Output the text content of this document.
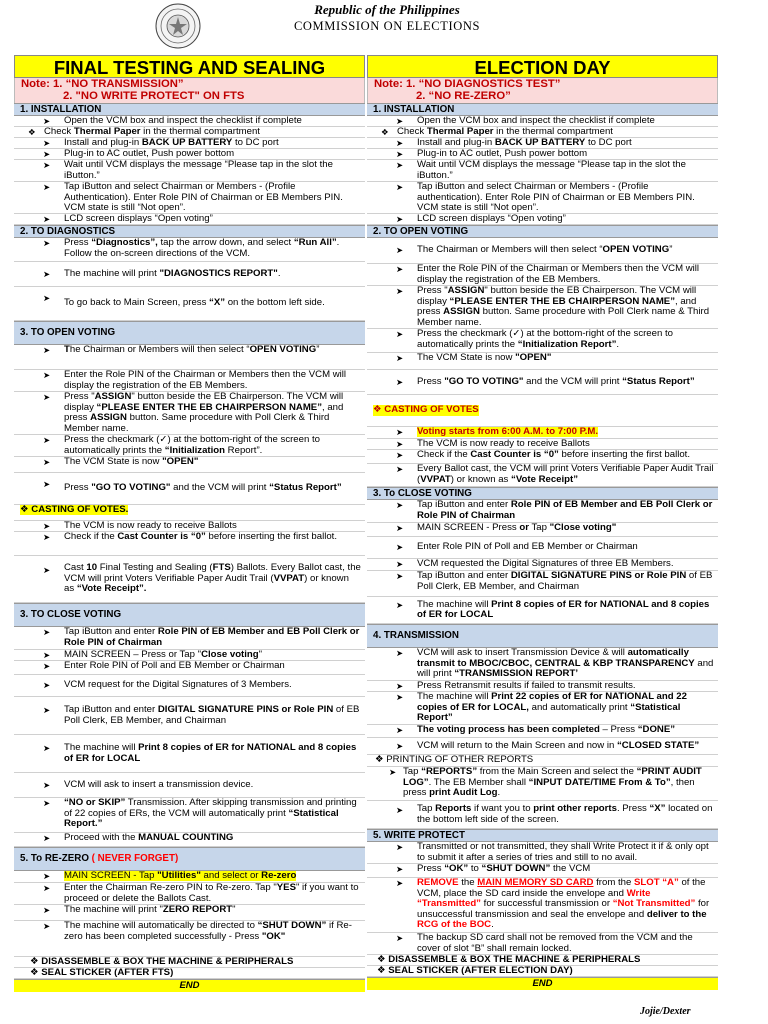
Republic of the Philippines
COMMISSION ON ELECTIONS
FINAL TESTING AND SEALING
Note: 1. “NO TRANSMISSION”
2. "NO WRITE PROTECT" ON FTS
1. INSTALLATION
➤ Open the VCM box and inspect the checklist if complete
❖ Check Thermal Paper in the thermal compartment
➤ Install and plug-in BACK UP BATTERY to DC port
➤ Plug-in to AC outlet, Push power bottom
➤ Wait until VCM displays the message “Please tap in the slot the iButton.”
➤ Tap iButton and select Chairman or Members - (Profile Authentication). Enter Role PIN of Chairman or EB Members PIN. VCM state is still “Not open”.
➤ LCD screen displays “Open voting”
2. TO DIAGNOSTICS
➤ Press “Diagnostics”, tap the arrow down, and select “Run All”. Follow the on-screen directions of the VCM.
➤ The machine will print "DIAGNOSTICS REPORT".
➤ To go back to Main Screen, press “X” on the bottom left side.
3. TO OPEN VOTING
➤ The Chairman or Members will then select “OPEN VOTING”
➤ Enter the Role PIN of the Chairman or Members then the VCM will display the registration of the EB Members.
➤ Press "ASSIGN" button beside the EB Chairperson. The VCM will display “PLEASE ENTER THE EB CHAIRPERSON NAME”, and press ASSIGN button. Same procedure with Poll Clerk & Third Member name.
➤ Press the checkmark (✓) at the bottom-right of the screen to automatically prints the “Initialization Report”.
➤ The VCM State is now "OPEN"
➤ Press "GO TO VOTING" and the VCM will print “Status Report”
❖ CASTING OF VOTES.
➤ The VCM is now ready to receive Ballots
➤ Check if the Cast Counter is “0” before inserting the first ballot.
➤ Cast 10 Final Testing and Sealing (FTS) Ballots. Every Ballot cast, the VCM will print Voters Verifiable Paper Audit Trail (VVPAT) or known as “Vote Receipt”.
3. TO CLOSE VOTING
➤ Tap iButton and enter Role PIN of EB Member and EB Poll Clerk or Role PIN of Chairman
➤ MAIN SCREEN – Press or Tap "Close voting"
➤ Enter Role PIN of Poll and EB Member or Chairman
➤ VCM request for the Digital Signatures of 3 Members.
➤ Tap iButton and enter DIGITAL SIGNATURE PINS or Role PIN of EB Poll Clerk, EB Member, and Chairman
➤ The machine will Print 8 copies of ER for NATIONAL and 8 copies of ER for LOCAL
➤ VCM will ask to insert a transmission device.
➤ “NO or SKIP” Transmission. After skipping transmission and printing of 22 copies of ERs, the VCM will automatically print “Statistical Report.”
➤ Proceed with the MANUAL COUNTING
5. To RE-ZERO ( NEVER FORGET)
➤ MAIN SCREEN - Tap "Utilities" and select or Re-zero
➤ Enter the Chairman Re-zero PIN to Re-zero. Tap "YES" if you want to proceed or delete the Ballots Cast.
➤ The machine will print "ZERO REPORT"
➤ The machine will automatically be directed to “SHUT DOWN” if Re-zero has been completed successfully - Press "OK"
❖ DISASSEMBLE & BOX THE MACHINE & PERIPHERALS
❖ SEAL STICKER (AFTER FTS)
END
ELECTION DAY
Note: 1. “NO DIAGNOSTICS TEST”
2. “NO RE-ZERO”
1. INSTALLATION
➤ Open the VCM box and inspect the checklist if complete
❖ Check Thermal Paper in the thermal compartment
➤ Install and plug-in BACK UP BATTERY to DC port
➤ Plug-in to AC outlet, Push power bottom
➤ Wait until VCM displays the message “Please tap in the slot the iButton.”
➤ Tap iButton and select Chairman or Members - (Profile authentication). Enter Role PIN of Chairman or EB Members PIN. VCM state is still “Not open”.
➤ LCD screen displays “Open voting”
2. TO OPEN VOTING
➤ The Chairman or Members will then select “OPEN VOTING”
➤ Enter the Role PIN of the Chairman or Members then the VCM will display the registration of the EB Members.
➤ Press "ASSIGN" button beside the EB Chairperson. The VCM will display “PLEASE ENTER THE EB CHAIRPERSON NAME”, and press ASSIGN button. Same procedure with Poll Clerk name & Third Member name.
➤ Press the checkmark (✓) at the bottom-right of the screen to automatically prints the “Initialization Report”.
➤ The VCM State is now "OPEN"
➤ Press "GO TO VOTING" and the VCM will print “Status Report”
❖ CASTING OF VOTES
➤ Voting starts from 6:00 A.M. to 7:00 P.M.
➤ The VCM is now ready to receive Ballots
➤ Check if the Cast Counter is “0” before inserting the first ballot.
➤ Every Ballot cast, the VCM will print Voters Verifiable Paper Audit Trail (VVPAT) or known as “Vote Receipt”
3. To CLOSE VOTING
➤ Tap iButton and enter Role PIN of EB Member and EB Poll Clerk or Role PIN of Chairman
➤ MAIN SCREEN - Press or Tap "Close voting"
➤ Enter Role PIN of Poll and EB Member or Chairman
➤ VCM requested the Digital Signatures of three EB Members.
➤ Tap iButton and enter DIGITAL SIGNATURE PINS or Role PIN of EB Poll Clerk, EB Member, and Chairman
➤ The machine will Print 8 copies of ER for NATIONAL and 8 copies of ER for LOCAL
4. TRANSMISSION
➤ VCM will ask to insert Transmission Device & will automatically transmit to MBOC/CBOC, CENTRAL & KBP TRANSPARENCY and will print “TRANSMISSION REPORT’
➤ Press Retransmit results if failed to transmit results.
➤ The machine will Print 22 copies of ER for NATIONAL and 22 copies of ER for LOCAL, and automatically print “Statistical Report”
➤ The voting process has been completed – Press “DONE”
➤ VCM will return to the Main Screen and now in “CLOSED STATE”
❖ PRINTING OF OTHER REPORTS
➤ Tap “REPORTS” from the Main Screen and select the “PRINT AUDIT LOG”. The EB Member shall “INPUT DATE/TIME From & To”, then press print Audit Log.
➤ Tap Reports if want you to print other reports. Press “X” located on the bottom left side of the screen.
5. WRITE PROTECT
➤ Transmitted or not transmitted, they shall Write Protect it if & only opt to submit it after a series of tries and still to no avail.
➤ Press “OK” to “SHUT DOWN” the VCM
➤ REMOVE the MAIN MEMORY SD CARD from the SLOT “A” of the VCM, place the SD card inside the envelope and Write “Transmitted” for successful transmission or “Not Transmitted” for unsuccessful transmission and seal the envelope and deliver to the RCG of the BOC.
➤ The backup SD card shall not be removed from the VCM and the cover of slot “B” shall remain locked.
❖ DISASSEMBLE & BOX THE MACHINE & PERIPHERALS
❖ SEAL STICKER (AFTER ELECTION DAY)
END
Jojie/Dexter
